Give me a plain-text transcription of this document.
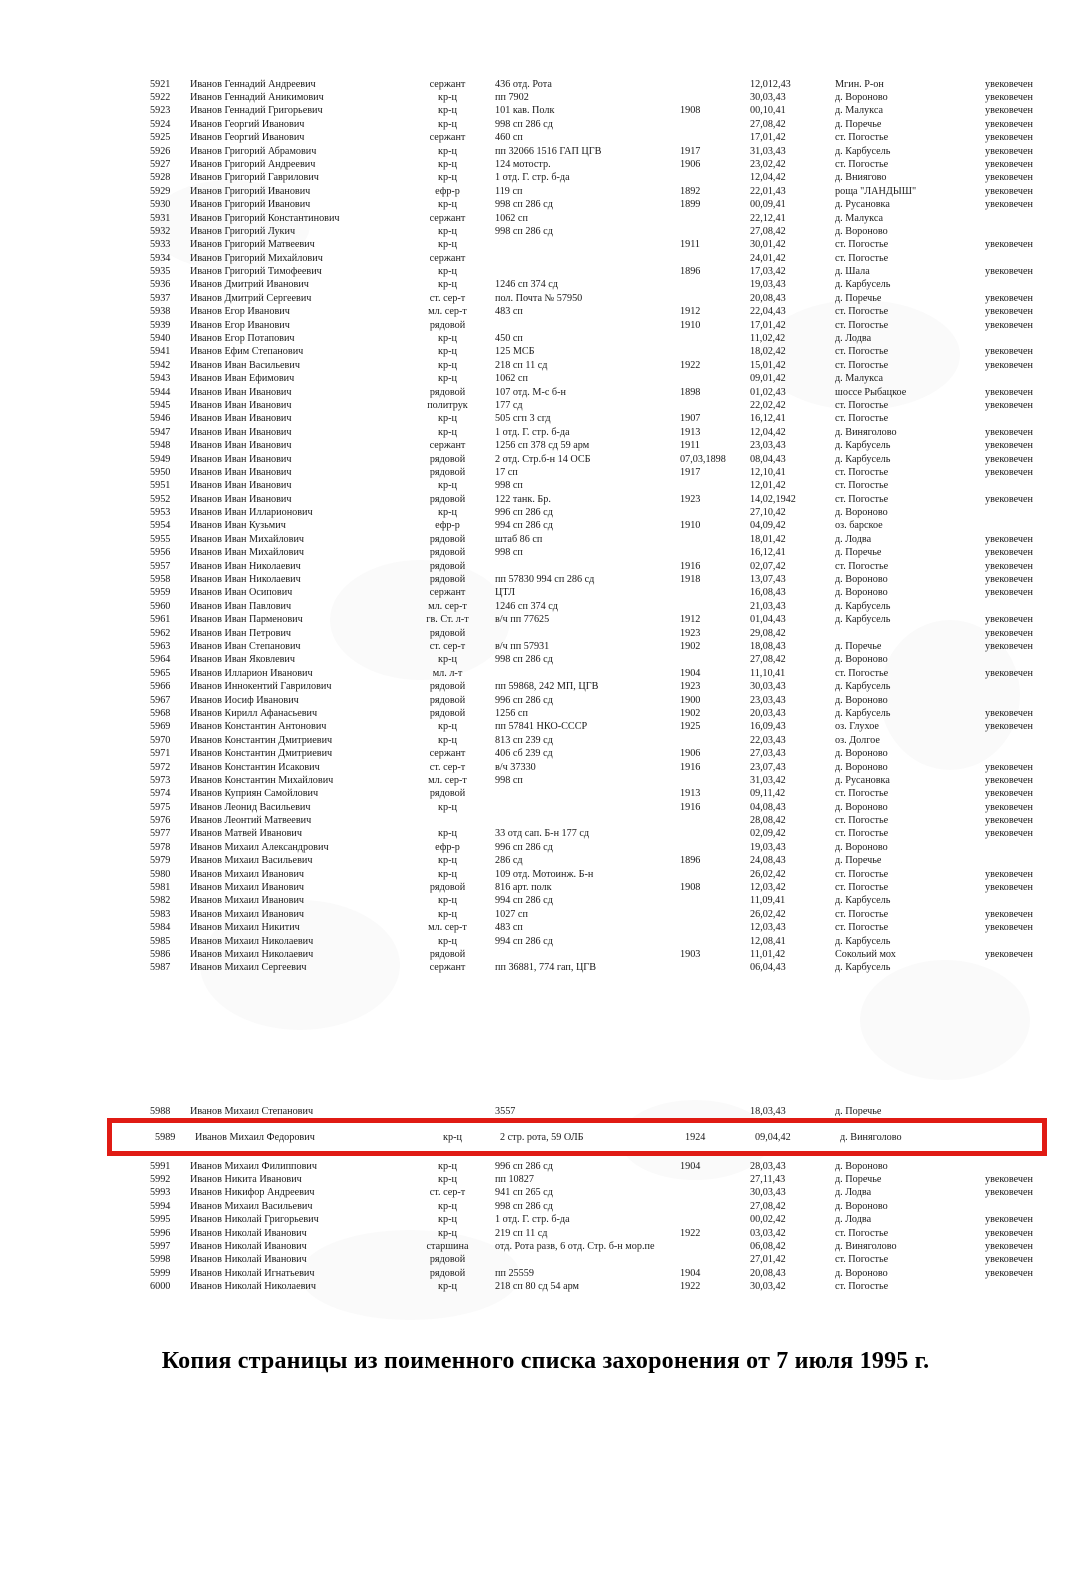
5921	Иванов Геннадий Андреевич	сержант	436 отд. Рота		12,012,43	Мгин. Р-он	увековечен
5922	Иванов Геннадий Аникимович	кр-ц	пп 7902		30,03,43	д. Вороново	увековечен
5923	Иванов Геннадий Григорьевич	кр-ц	101 кав. Полк	1908	00,10,41	д. Малукса	увековечен
5924	Иванов Георгий Иванович	кр-ц	998 сп 286 сд		27,08,42	д. Поречье	увековечен
5925	Иванов Георгий Иванович	сержант	460 сп		17,01,42	ст. Погостье	увековечен
5926	Иванов Григорий Абрамович	кр-ц	пп 32066 1516 ГАП ЦГВ	1917	31,03,43	д. Карбусель	увековечен
5927	Иванов Григорий Андреевич	кр-ц	124 мотостр.	1906	23,02,42	ст. Погостье	увековечен
5928	Иванов Григорий Гаврилович	кр-ц	1 отд. Г. стр. б-да		12,04,42	д. Вниягово	увековечен
5929	Иванов Григорий Иванович	ефр-р	119 сп	1892	22,01,43	роща "ЛАНДЫШ"	увековечен
5930	Иванов Григорий Иванович	кр-ц	998 сп 286 сд	1899	00,09,41	д. Русановка	увековечен
5931	Иванов Григорий Константинович	сержант	1062 сп		22,12,41	д. Малукса	
5932	Иванов Григорий Лукич	кр-ц	998 сп 286 сд		27,08,42	д. Вороново	
5933	Иванов Григорий Матвеевич	кр-ц		1911	30,01,42	ст. Погостье	увековечен
5934	Иванов Григорий Михайлович	сержант			24,01,42	ст. Погостье	
5935	Иванов Григорий Тимофеевич	кр-ц		1896	17,03,42	д. Шала	увековечен
5936	Иванов Дмитрий Иванович	кр-ц	1246 сп 374 сд		19,03,43	д. Карбусель	
5937	Иванов Дмитрий Сергеевич	ст. сер-т	пол. Почта № 57950		20,08,43	д. Поречье	увековечен
5938	Иванов Егор Иванович	мл. сер-т	483 сп	1912	22,04,43	ст. Погостье	увековечен
5939	Иванов Егор Иванович	рядовой		1910	17,01,42	ст. Погостье	увековечен
5940	Иванов Егор Потапович	кр-ц	450 сп		11,02,42	д. Лодва	
5941	Иванов Ефим Степанович	кр-ц	125 МСБ		18,02,42	ст. Погостье	увековечен
5942	Иванов Иван Васильевич	кр-ц	218 сп 11 сд	1922	15,01,42	ст. Погостье	увековечен
5943	Иванов Иван Ефимович	кр-ц	1062 сп		09,01,42	д. Малукса	
5944	Иванов Иван Иванович	рядовой	107 отд. М-с б-н	1898	01,02,43	шоссе Рыбацкое	увековечен
5945	Иванов Иван Иванович	политрук	177 сд		22,02,42	ст. Погостье	увековечен
5946	Иванов Иван Иванович	кр-ц	505 сгп 3 сгд	1907	16,12,41	ст. Погостье	
5947	Иванов Иван Иванович	кр-ц	1 отд. Г. стр. б-да	1913	12,04,42	д. Виняголово	увековечен
5948	Иванов Иван Иванович	сержант	1256 сп 378 сд 59 арм	1911	23,03,43	д. Карбусель	увековечен
5949	Иванов Иван Иванович	рядовой	2 отд. Стр.б-н 14 ОСБ	07,03,1898	08,04,43	д. Карбусель	увековечен
5950	Иванов Иван Иванович	рядовой	17 сп	1917	12,10,41	ст. Погостье	увековечен
5951	Иванов Иван Иванович	кр-ц	998 сп		12,01,42	ст. Погостье	
5952	Иванов Иван Иванович	рядовой	122 танк. Бр.	1923	14,02,1942	ст. Погостье	увековечен
5953	Иванов Иван Илларионович	кр-ц	996 сп 286 сд		27,10,42	д. Вороново	
5954	Иванов Иван Кузьмич	ефр-р	994 сп 286 сд	1910	04,09,42	оз. барское	
5955	Иванов Иван Михайлович	рядовой	штаб 86 сп		18,01,42	д. Лодва	увековечен
5956	Иванов Иван Михайлович	рядовой	998 сп		16,12,41	д. Поречье	увековечен
5957	Иванов Иван Николаевич	рядовой		1916	02,07,42	ст. Погостье	увековечен
5958	Иванов Иван Николаевич	рядовой	пп 57830 994 сп 286 сд	1918	13,07,43	д. Вороново	увековечен
5959	Иванов Иван Осипович	сержант	ЦТЛ		16,08,43	д. Вороново	увековечен
5960	Иванов Иван Павлович	мл. сер-т	1246 сп 374 сд		21,03,43	д. Карбусель	
5961	Иванов Иван Парменович	гв. Ст. л-т	в/ч пп 77625	1912	01,04,43	д. Карбусель	увековечен
5962	Иванов Иван Петрович	рядовой		1923	29,08,42		увековечен
5963	Иванов Иван Степанович	ст. сер-т	в/ч пп 57931	1902	18,08,43	д. Поречье	увековечен
5964	Иванов Иван Яковлевич	кр-ц	998 сп 286 сд		27,08,42	д. Вороново	
5965	Иванов Илларион Иванович	мл. л-т		1904	11,10,41	ст. Погостье	увековечен
5966	Иванов Иннокентий Гаврилович	рядовой	пп 59868, 242 МП, ЦГВ	1923	30,03,43	д. Карбусель	
5967	Иванов Иосиф Иванович	рядовой	996 сп 286 сд	1900	23,03,43	д. Вороново	
5968	Иванов Кирилл Афанасьевич	рядовой	1256 сп	1902	20,03,43	д. Карбусель	увековечен
5969	Иванов Константин Антонович	кр-ц	пп 57841 НКО-СССР	1925	16,09,43	оз. Глухое	увековечен
5970	Иванов Константин Дмитриевич	кр-ц	813 сп 239 сд		22,03,43	оз. Долгое	
5971	Иванов Константин Дмитриевич	сержант	406 сб 239 сд	1906	27,03,43	д. Вороново	
5972	Иванов Константин Исакович	ст. сер-т	в/ч 37330	1916	23,07,43	д. Вороново	увековечен
5973	Иванов Константин Михайлович	мл. сер-т	998 сп		31,03,42	д. Русановка	увековечен
5974	Иванов Куприян Самойлович	рядовой		1913	09,11,42	ст. Погостье	увековечен
5975	Иванов Леонид Васильевич	кр-ц		1916	04,08,43	д. Вороново	увековечен
5976	Иванов Леонтий Матвеевич				28,08,42	ст. Погостье	увековечен
5977	Иванов Матвей Иванович	кр-ц	33 отд сап. Б-н 177 сд		02,09,42	ст. Погостье	увековечен
5978	Иванов Михаил Александрович	ефр-р	996 сп 286 сд		19,03,43	д. Вороново	
5979	Иванов Михаил Васильевич	кр-ц	286 сд	1896	24,08,43	д. Поречье	
5980	Иванов Михаил Иванович	кр-ц	109 отд. Мотоинж. Б-н		26,02,42	ст. Погостье	увековечен
5981	Иванов Михаил Иванович	рядовой	816 арт. полк	1908	12,03,42	ст. Погостье	увековечен
5982	Иванов Михаил Иванович	кр-ц	994 сп 286 сд		11,09,41	д. Карбусель	
5983	Иванов Михаил Иванович	кр-ц	1027 сп		26,02,42	ст. Погостье	увековечен
5984	Иванов Михаил Никитич	мл. сер-т	483 сп		12,03,43	ст. Погостье	увековечен
5985	Иванов Михаил Николаевич	кр-ц	994 сп 286 сд		12,08,41	д. Карбусель	
5986	Иванов Михаил Николаевич	рядовой		1903	11,01,42	Сокольий мох	увековечен
5987	Иванов Михаил Сергеевич	сержант	пп 36881, 774 гап, ЦГВ		06,04,43	д. Карбусель	
5988	Иванов Михаил Степанович		3557		18,03,43	д. Поречье	
5989	Иванов Михаил Федорович	кр-ц	2 стр. рота, 59 ОЛБ	1924	09,04,42	д. Виняголово	
5991	Иванов Михаил Филиппович	кр-ц	996 сп 286 сд	1904	28,03,43	д. Вороново	
5992	Иванов Никита Иванович	кр-ц	пп 10827		27,11,43	д. Поречье	увековечен
5993	Иванов Никифор Андреевич	ст. сер-т	941 сп 265 сд		30,03,43	д. Лодва	увековечен
5994	Иванов Михаил Васильевич	кр-ц	998 сп 286 сд		27,08,42	д. Вороново	
5995	Иванов Николай Григорьевич	кр-ц	1 отд. Г. стр. б-да		00,02,42	д. Лодва	увековечен
5996	Иванов Николай Иванович	кр-ц	219 сп 11 сд	1922	03,03,42	ст. Погостье	увековечен
5997	Иванов Николай Иванович	старшина	отд. Рота разв, 6 отд. Стр. б-н мор.пе		06,08,42	д. Виняголово	увековечен
5998	Иванов Николай Иванович	рядовой			27,01,42	ст. Погостье	увековечен
5999	Иванов Николай Игнатьевич	рядовой	пп 25559	1904	20,08,43	д. Вороново	увековечен
6000	Иванов Николай Николаевич	кр-ц	218 сп 80 сд 54 арм	1922	30,03,42	ст. Погостье	
Копия страницы из поименного списка захоронения от 7 июля 1995 г.
